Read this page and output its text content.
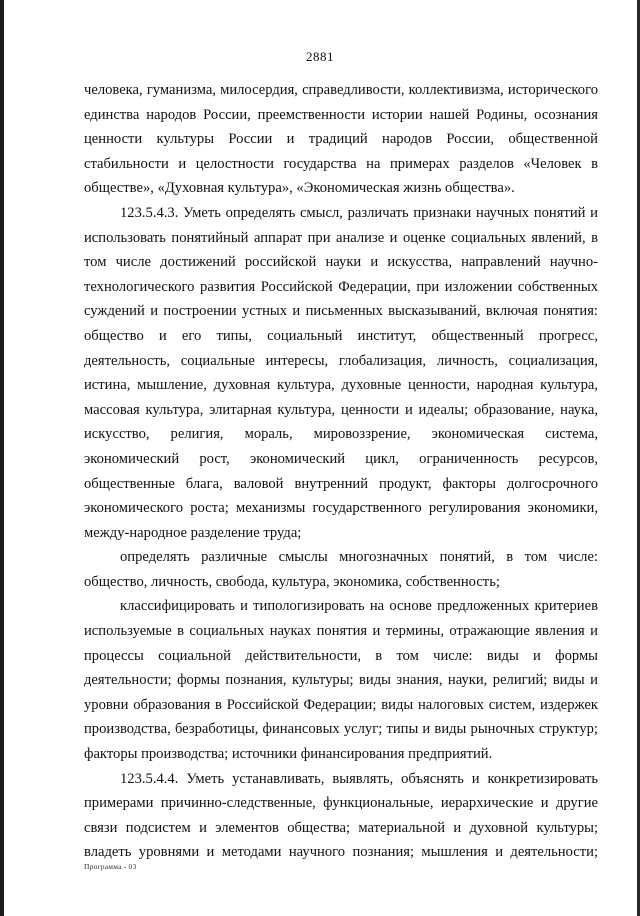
2881

человека, гуманизма, милосердия, справедливости, коллективизма, исторического единства народов России, преемственности истории нашей Родины, осознания ценности культуры России и традиций народов России, общественной стабильности и целостности государства на примерах разделов «Человек в обществе», «Духовная культура», «Экономическая жизнь общества».

123.5.4.3. Уметь определять смысл, различать признаки научных понятий и использовать понятийный аппарат при анализе и оценке социальных явлений, в том числе достижений российской науки и искусства, направлений научно-технологического развития Российской Федерации, при изложении собственных суждений и построении устных и письменных высказываний, включая понятия: общество и его типы, социальный институт, общественный прогресс, деятельность, социальные интересы, глобализация, личность, социализация, истина, мышление, духовная культура, духовные ценности, народная культура, массовая культура, элитарная культура, ценности и идеалы; образование, наука, искусство, религия, мораль, мировоззрение, экономическая система, экономический рост, экономический цикл, ограниченность ресурсов, общественные блага, валовой внутренний продукт, факторы долгосрочного экономического роста; механизмы государственного регулирования экономики, между-народное разделение труда;

определять различные смыслы многозначных понятий, в том числе: общество, личность, свобода, культура, экономика, собственность;

классифицировать и типологизировать на основе предложенных критериев используемые в социальных науках понятия и термины, отражающие явления и процессы социальной действительности, в том числе: виды и формы деятельности; формы познания, культуры; виды знания, науки, религий; виды и уровни образования в Российской Федерации; виды налоговых систем, издержек производства, безработицы, финансовых услуг; типы и виды рыночных структур; факторы производства; источники финансирования предприятий.

123.5.4.4. Уметь устанавливать, выявлять, объяснять и конкретизировать примерами причинно-следственные, функциональные, иерархические и другие связи подсистем и элементов общества; материальной и духовной культуры; владеть уровнями и методами научного познания; мышления и деятельности;

Программа - 03
